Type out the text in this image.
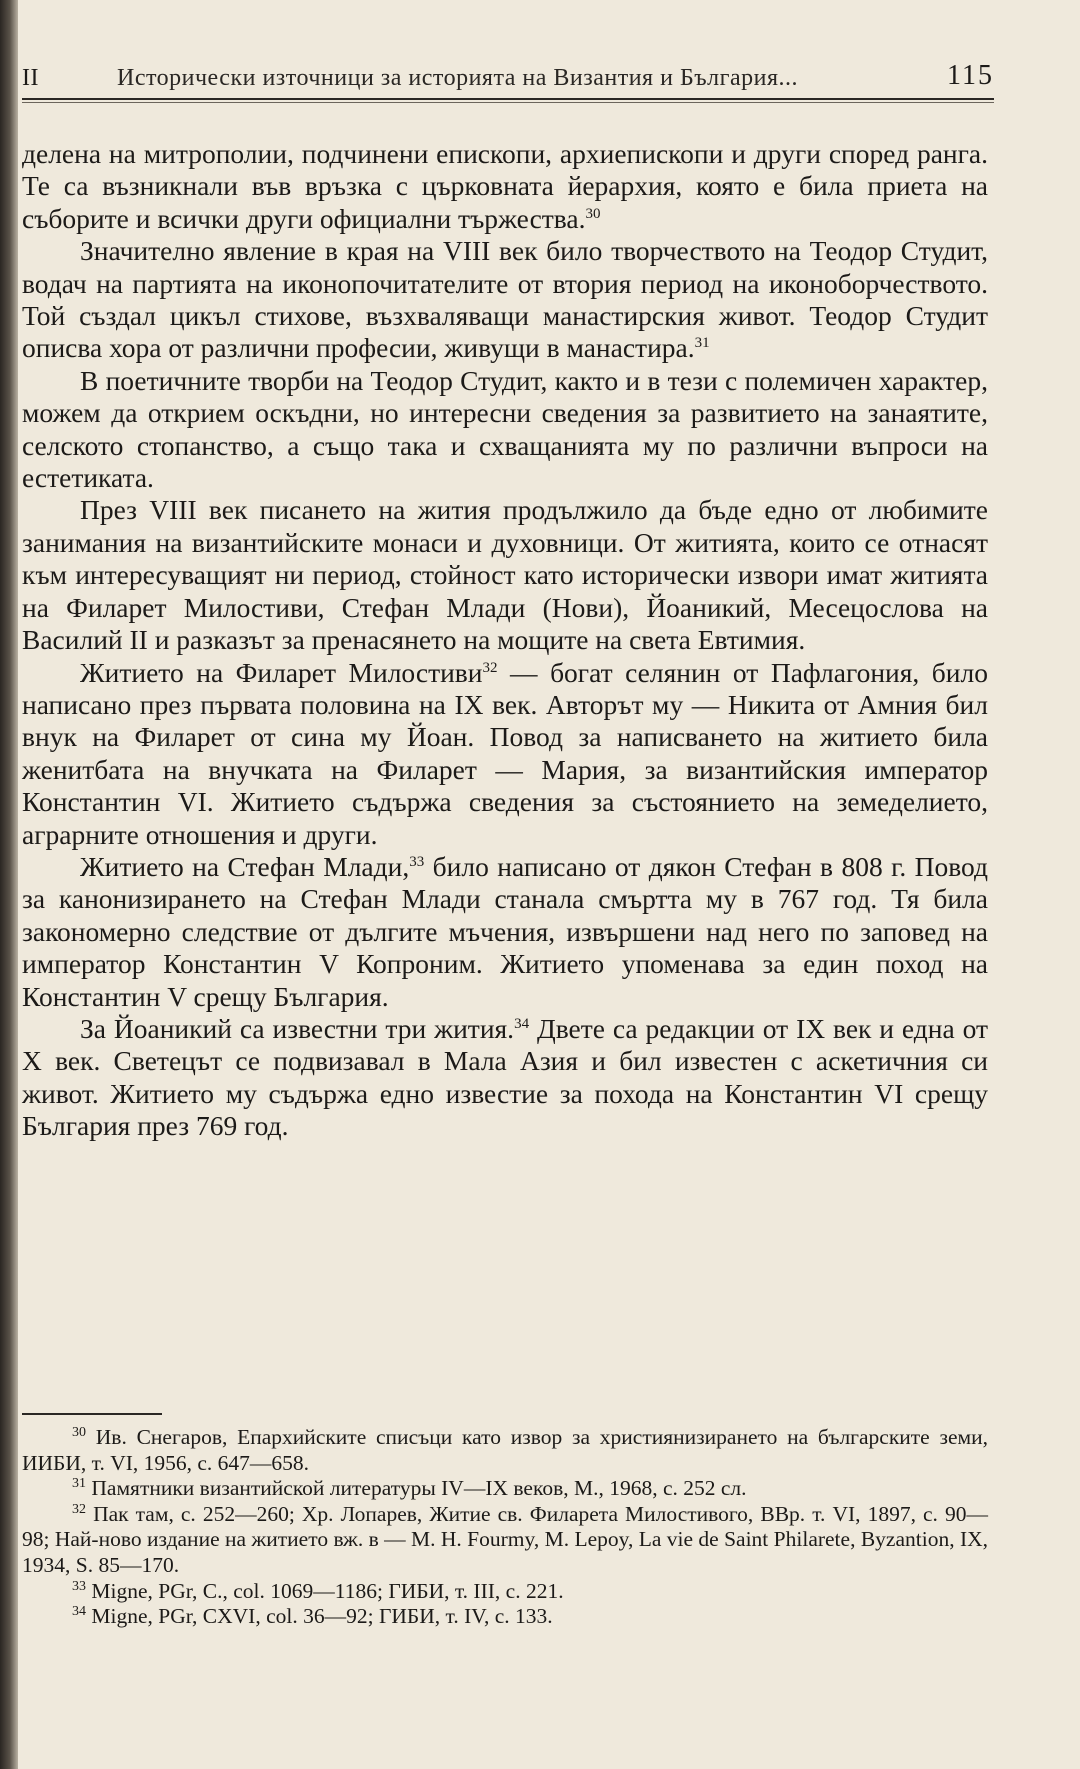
II	Исторически източници за историята на Византия и България...	115

делена на митрополии, подчинени епископи, архиепископи и други според ранга. Те са възникнали във връзка с църковната йерархия, която е била приета на съборите и всички други официални тържества.$^{30}$

Значително явление в края на VIII век било творчеството на Теодор Студит, водач на партията на иконопочитателите от втория период на иконоборчеството. Той създал цикъл стихове, възхваляващи манастирския живот. Теодор Студит описва хора от различни професии, живущи в манастира.$^{31}$

В поетичните творби на Теодор Студит, както и в тези с полемичен характер, можем да открием оскъдни, но интересни сведения за развитието на занаятите, селското стопанство, а също така и схващанията му по различни въпроси на естетиката.

През VIII век писането на жития продължило да бъде едно от любимите занимания на византийските монаси и духовници. От житията, които се отнасят към интересуващият ни период, стойност като исторически извори имат житията на Филарет Милостиви, Стефан Млади (Нови), Йоаникий, Месецослова на Василий II и разказът за пренасянето на мощите на света Евтимия.

Житието на Филарет Милостиви$^{32}$ — богат селянин от Пафлагония, било написано през първата половина на IX век. Авторът му — Никита от Амния бил внук на Филарет от сина му Йоан. Повод за написването на житието била женитбата на внучката на Филарет — Мария, за византийския император Константин VI. Житието съдържа сведения за състоянието на земеделието, аграрните отношения и други.

Житието на Стефан Млади,$^{33}$ било написано от дякон Стефан в 808 г. Повод за канонизирането на Стефан Млади станала смъртта му в 767 год. Тя била закономерно следствие от дългите мъчения, извършени над него по заповед на император Константин V Копроним. Житието упоменава за един поход на Константин V срещу България.

За Йоаникий са известни три жития.$^{34}$ Двете са редакции от IX век и една от X век. Светецът се подвизавал в Мала Азия и бил известен с аскетичния си живот. Житието му съдържа едно известие за похода на Константин VI срещу България през 769 год.

$^{30}$ Ив. Снегаров, Епархийските списъци като извор за християнизирането на българските земи, ИИБИ, т. VI, 1956, с. 647—658.

$^{31}$ Памятники византийской литературы IV—IX веков, М., 1968, с. 252 сл.

$^{32}$ Пак там, с. 252—260; Хр. Лопарев, Житие св. Филарета Милостивого, ВВр. т. VI, 1897, с. 90—98; Най-ново издание на житието вж. в — M. H. Fourmy, M. Lepoy, La vie de Saint Philarete, Byzantion, IX, 1934, S. 85—170.

$^{33}$ Migne, PGr, C., col. 1069—1186; ГИБИ, т. III, с. 221.

$^{34}$ Migne, PGr, CXVI, col. 36—92; ГИБИ, т. IV, с. 133.
